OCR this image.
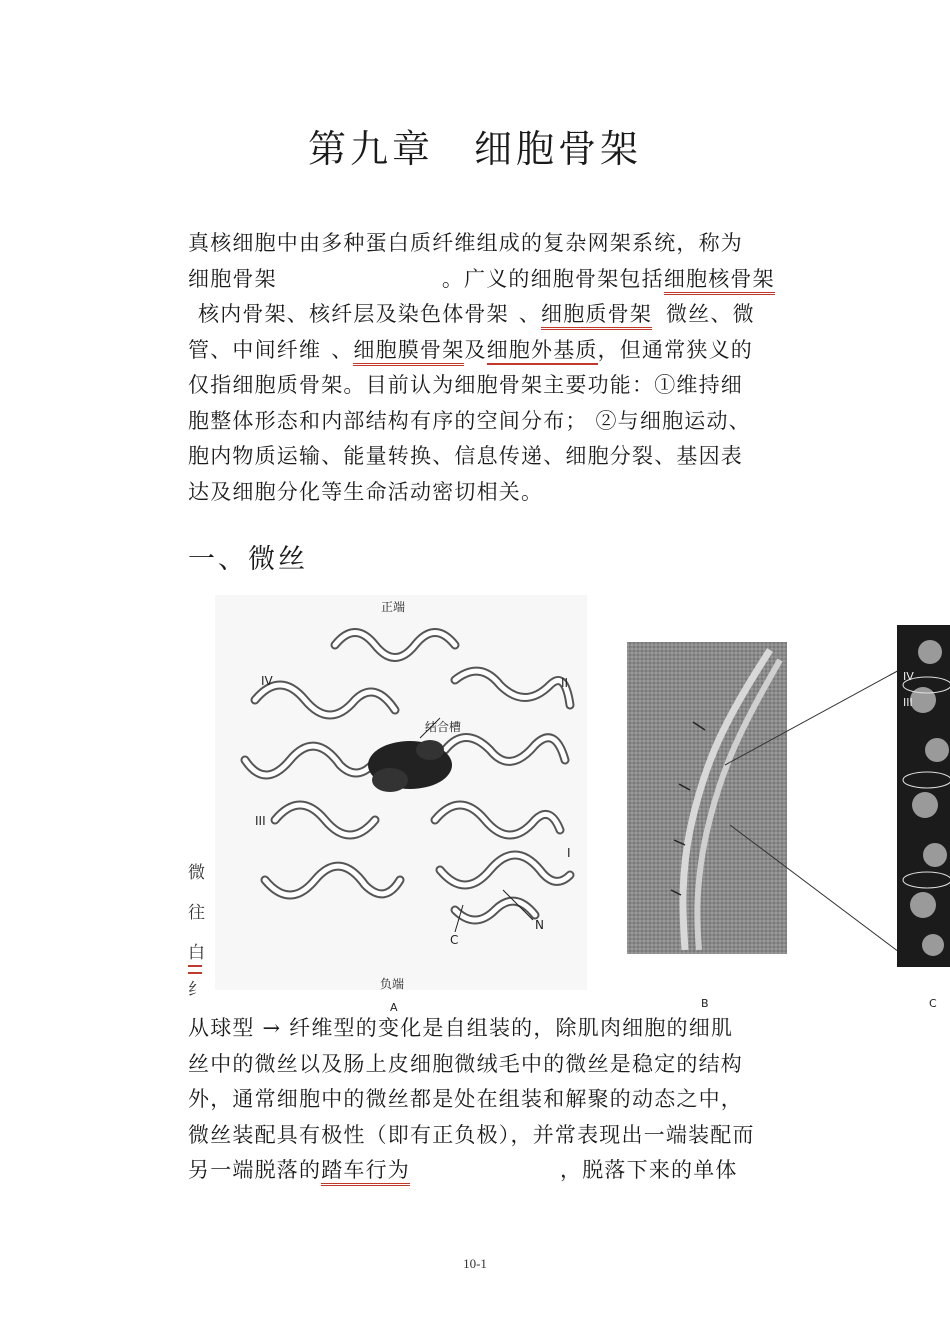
第九章 细胞骨架
真核细胞中由多种蛋白质纤维组成的复杂网架系统，称为
细胞骨架	。广义的细胞骨架包括细胞核骨架
核内骨架、核纤层及染色体骨架 、细胞质骨架 微丝、微
管、中间纤维 、细胞膜骨架及细胞外基质，但通常狭义的
仅指细胞质骨架。目前认为细胞骨架主要功能：①维持细
胞整体形态和内部结构有序的空间分布； ②与细胞运动、
胞内物质运输、能量转换、信息传递、细胞分裂、基因表
达及细胞分化等生命活动密切相关。
一、微丝
微
往
白
纟
正端
负端
A
结合槽
IV	II
III
I
C
N
B	C
IV
III
从球型 → 纤维型的变化是自组装的，除肌肉细胞的细肌
丝中的微丝以及肠上皮细胞微绒毛中的微丝是稳定的结构
外，通常细胞中的微丝都是处在组装和解聚的动态之中，
微丝装配具有极性（即有正负极），并常表现出一端装配而
另一端脱落的踏车行为	，脱落下来的单体
10-1
